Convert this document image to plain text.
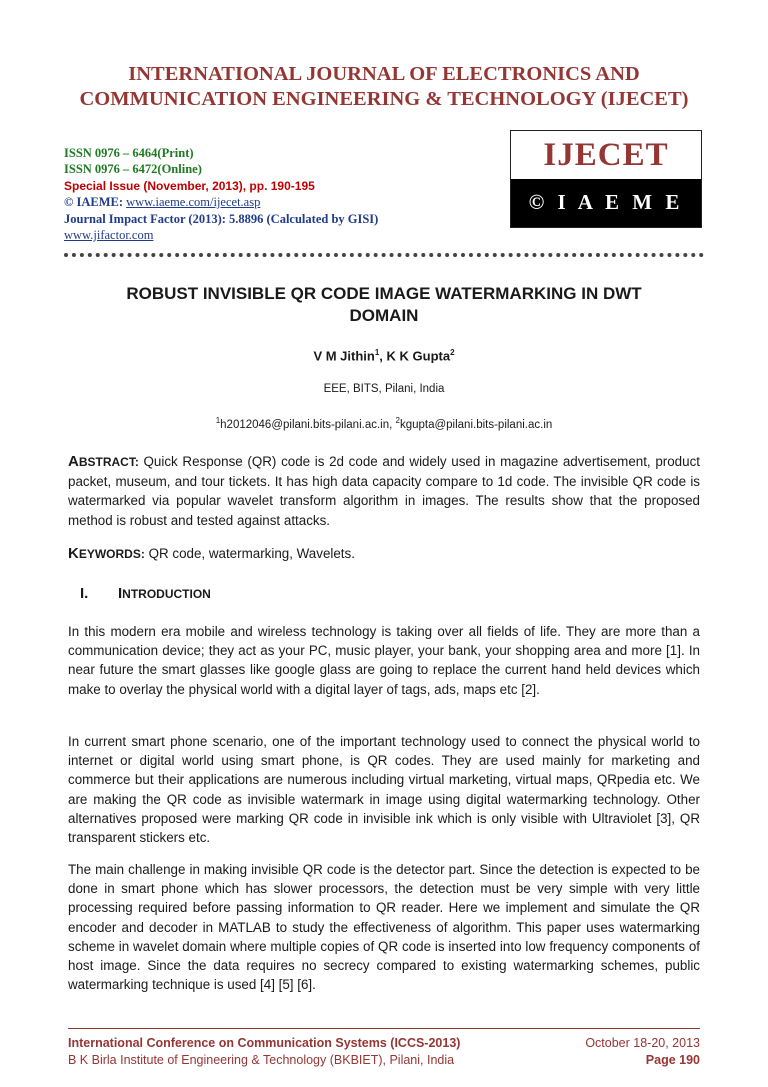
INTERNATIONAL JOURNAL OF ELECTRONICS AND
COMMUNICATION ENGINEERING & TECHNOLOGY (IJECET)
ISSN 0976 – 6464(Print)
ISSN 0976 – 6472(Online)
Special Issue (November, 2013), pp. 190-195
© IAEME: www.iaeme.com/ijecet.asp
Journal Impact Factor (2013): 5.8896 (Calculated by GISI)
www.jifactor.com
IJECET
© I A E M E
ROBUST INVISIBLE QR CODE IMAGE WATERMARKING IN DWT
DOMAIN
V M Jithin$^1$, K K Gupta$^2$
EEE, BITS, Pilani, India
$^1$h2012046@pilani.bits-pilani.ac.in, $^2$kgupta@pilani.bits-pilani.ac.in
ABSTRACT: Quick Response (QR) code is 2d code and widely used in magazine advertisement, product packet, museum, and tour tickets. It has high data capacity compare to 1d code. The invisible QR code is watermarked via popular wavelet transform algorithm in images. The results show that the proposed method is robust and tested against attacks.
KEYWORDS: QR code, watermarking, Wavelets.
I. INTRODUCTION
In this modern era mobile and wireless technology is taking over all fields of life. They are more than a communication device; they act as your PC, music player, your bank, your shopping area and more [1]. In near future the smart glasses like google glass are going to replace the current hand held devices which make to overlay the physical world with a digital layer of tags, ads, maps etc [2].
In current smart phone scenario, one of the important technology used to connect the physical world to internet or digital world using smart phone, is QR codes. They are used mainly for marketing and commerce but their applications are numerous including virtual marketing, virtual maps, QRpedia etc. We are making the QR code as invisible watermark in image using digital watermarking technology. Other alternatives proposed were marking QR code in invisible ink which is only visible with Ultraviolet [3], QR transparent stickers etc.
The main challenge in making invisible QR code is the detector part. Since the detection is expected to be done in smart phone which has slower processors, the detection must be very simple with very little processing required before passing information to QR reader. Here we implement and simulate the QR encoder and decoder in MATLAB to study the effectiveness of algorithm. This paper uses watermarking scheme in wavelet domain where multiple copies of QR code is inserted into low frequency components of host image. Since the data requires no secrecy compared to existing watermarking schemes, public watermarking technique is used [4] [5] [6].
International Conference on Communication Systems (ICCS-2013)	October 18-20, 2013
B K Birla Institute of Engineering & Technology (BKBIET), Pilani, India	Page 190
